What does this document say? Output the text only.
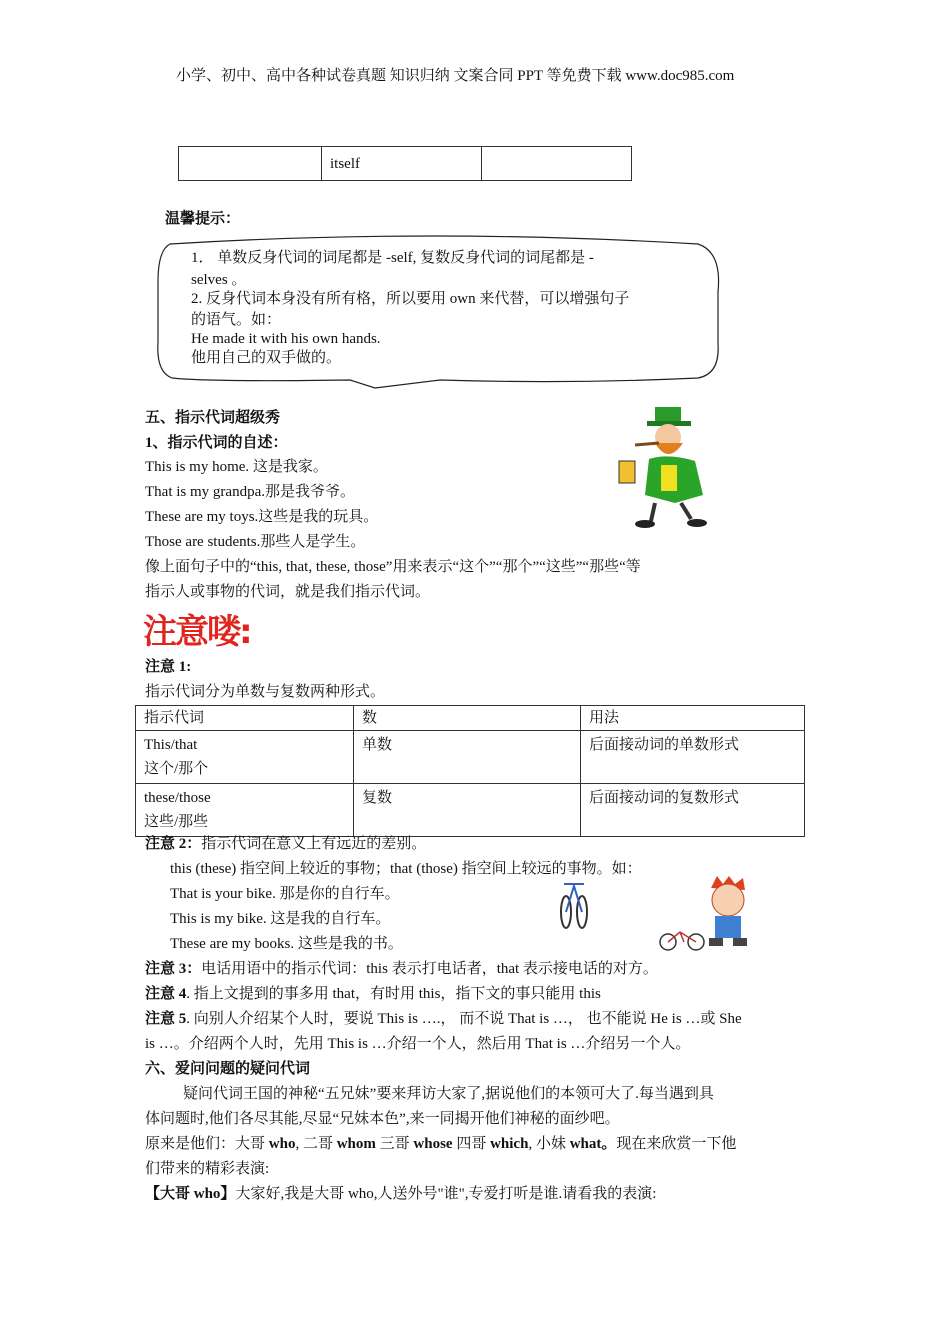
小学、初中、高中各种试卷真题 知识归纳 文案合同 PPT 等免费下载 www.doc985.com
	itself	
温馨提示：
1． 单数反身代词的词尾都是 -self, 复数反身代词的词尾都是 -
selves 。
2. 反身代词本身没有所有格，所以要用 own 来代替，可以增强句子
的语气。如：
He made it with his own hands.
他用自己的双手做的。
五、指示代词超级秀
1、指示代词的自述：
This is my home. 这是我家。
That is my grandpa.那是我爷爷。
These are my toys.这些是我的玩具。
Those are students.那些人是学生。
像上面句子中的“this, that, these, those”用来表示“这个”“那个”“这些”“那些“等
指示人或事物的代词，就是我们指示代词。
注意喽:
注意 1:
指示代词分为单数与复数两种形式。
指示代词	数	用法

This/that
这个/那个	单数	后面接动词的单数形式

these/those
这些/那些	复数	后面接动词的复数形式
注意 2：指示代词在意义上有远近的差别。
this (these) 指空间上较近的事物；that (those) 指空间上较远的事物。如：
That is your bike. 那是你的自行车。
This is my bike. 这是我的自行车。
These are my books. 这些是我的书。
注意 3：电话用语中的指示代词：this 表示打电话者，that 表示接电话的对方。
注意 4. 指上文提到的事多用 that，有时用 this，指下文的事只能用 this
注意 5. 向别人介绍某个人时，要说 This is ….， 而不说 That is …， 也不能说 He is …或 She
is …。介绍两个人时，先用 This is …介绍一个人，然后用 That is …介绍另一个人。
六、爱问问题的疑问代词
疑问代词王国的神秘“五兄妹”要来拜访大家了,据说他们的本领可大了.每当遇到具
体问题时,他们各尽其能,尽显“兄妹本色”,来一同揭开他们神秘的面纱吧。
原来是他们：大哥 who, 二哥 whom 三哥 whose 四哥 which, 小妹 what。现在来欣赏一下他
们带来的精彩表演:
【大哥 who】大家好,我是大哥 who,人送外号"谁",专爱打听是谁.请看我的表演:
